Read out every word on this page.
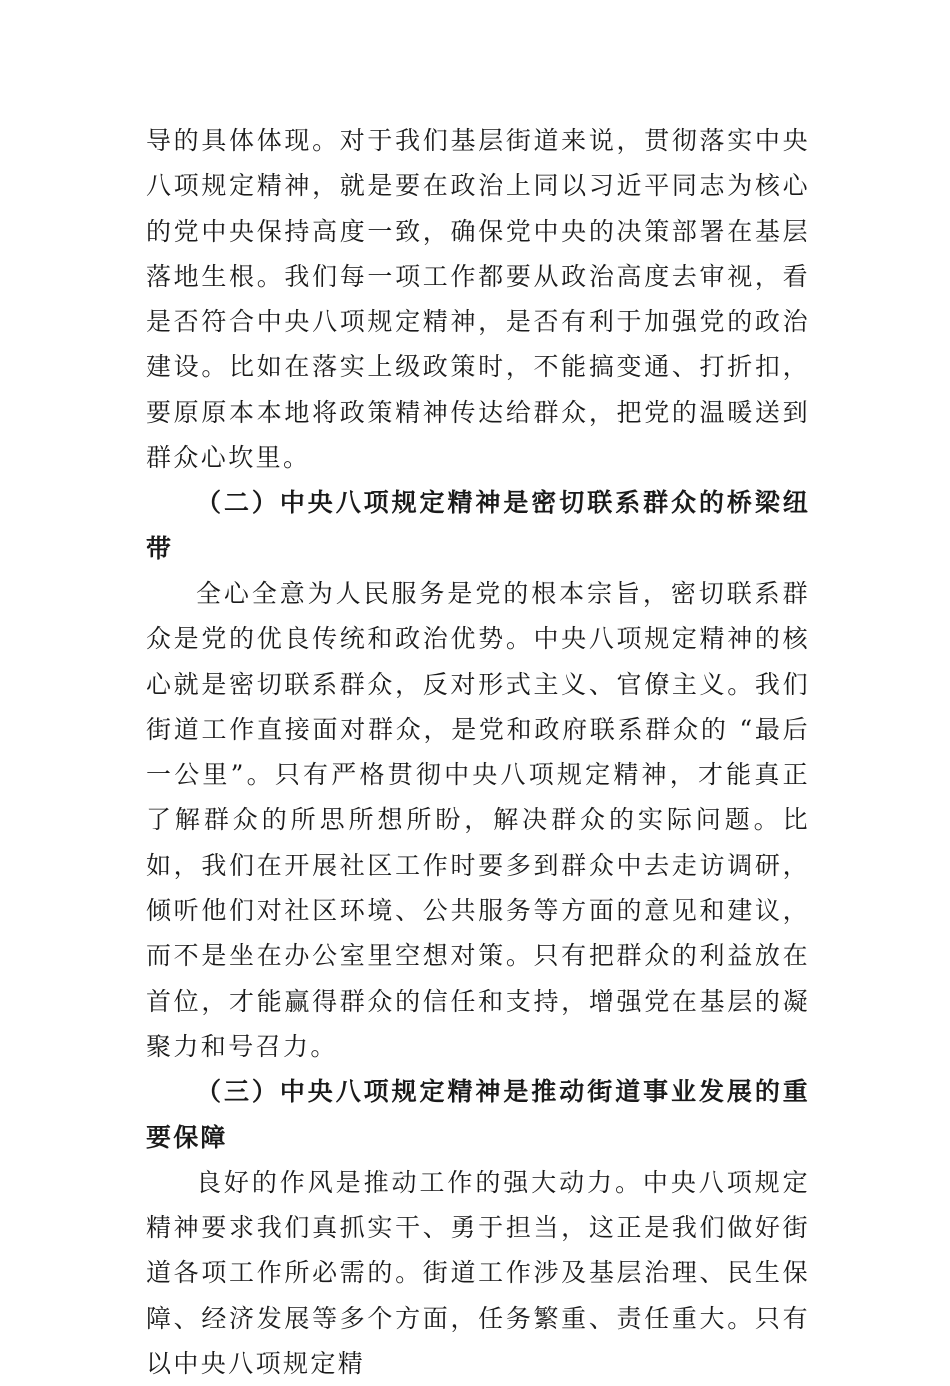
导的具体体现。对于我们基层街道来说，贯彻落实中央八项规定精神，就是要在政治上同以习近平同志为核心的党中央保持高度一致，确保党中央的决策部署在基层落地生根。我们每一项工作都要从政治高度去审视，看是否符合中央八项规定精神，是否有利于加强党的政治建设。比如在落实上级政策时，不能搞变通、打折扣，要原原本本地将政策精神传达给群众，把党的温暖送到群众心坎里。

（二）中央八项规定精神是密切联系群众的桥梁纽带

全心全意为人民服务是党的根本宗旨，密切联系群众是党的优良传统和政治优势。中央八项规定精神的核心就是密切联系群众，反对形式主义、官僚主义。我们街道工作直接面对群众，是党和政府联系群众的 “最后一公里”。只有严格贯彻中央八项规定精神，才能真正了解群众的所思所想所盼，解决群众的实际问题。比如，我们在开展社区工作时要多到群众中去走访调研，倾听他们对社区环境、公共服务等方面的意见和建议，而不是坐在办公室里空想对策。只有把群众的利益放在首位，才能赢得群众的信任和支持，增强党在基层的凝聚力和号召力。

（三）中央八项规定精神是推动街道事业发展的重要保障

良好的作风是推动工作的强大动力。中央八项规定精神要求我们真抓实干、勇于担当，这正是我们做好街道各项工作所必需的。街道工作涉及基层治理、民生保障、经济发展等多个方面，任务繁重、责任重大。只有以中央八项规定精
